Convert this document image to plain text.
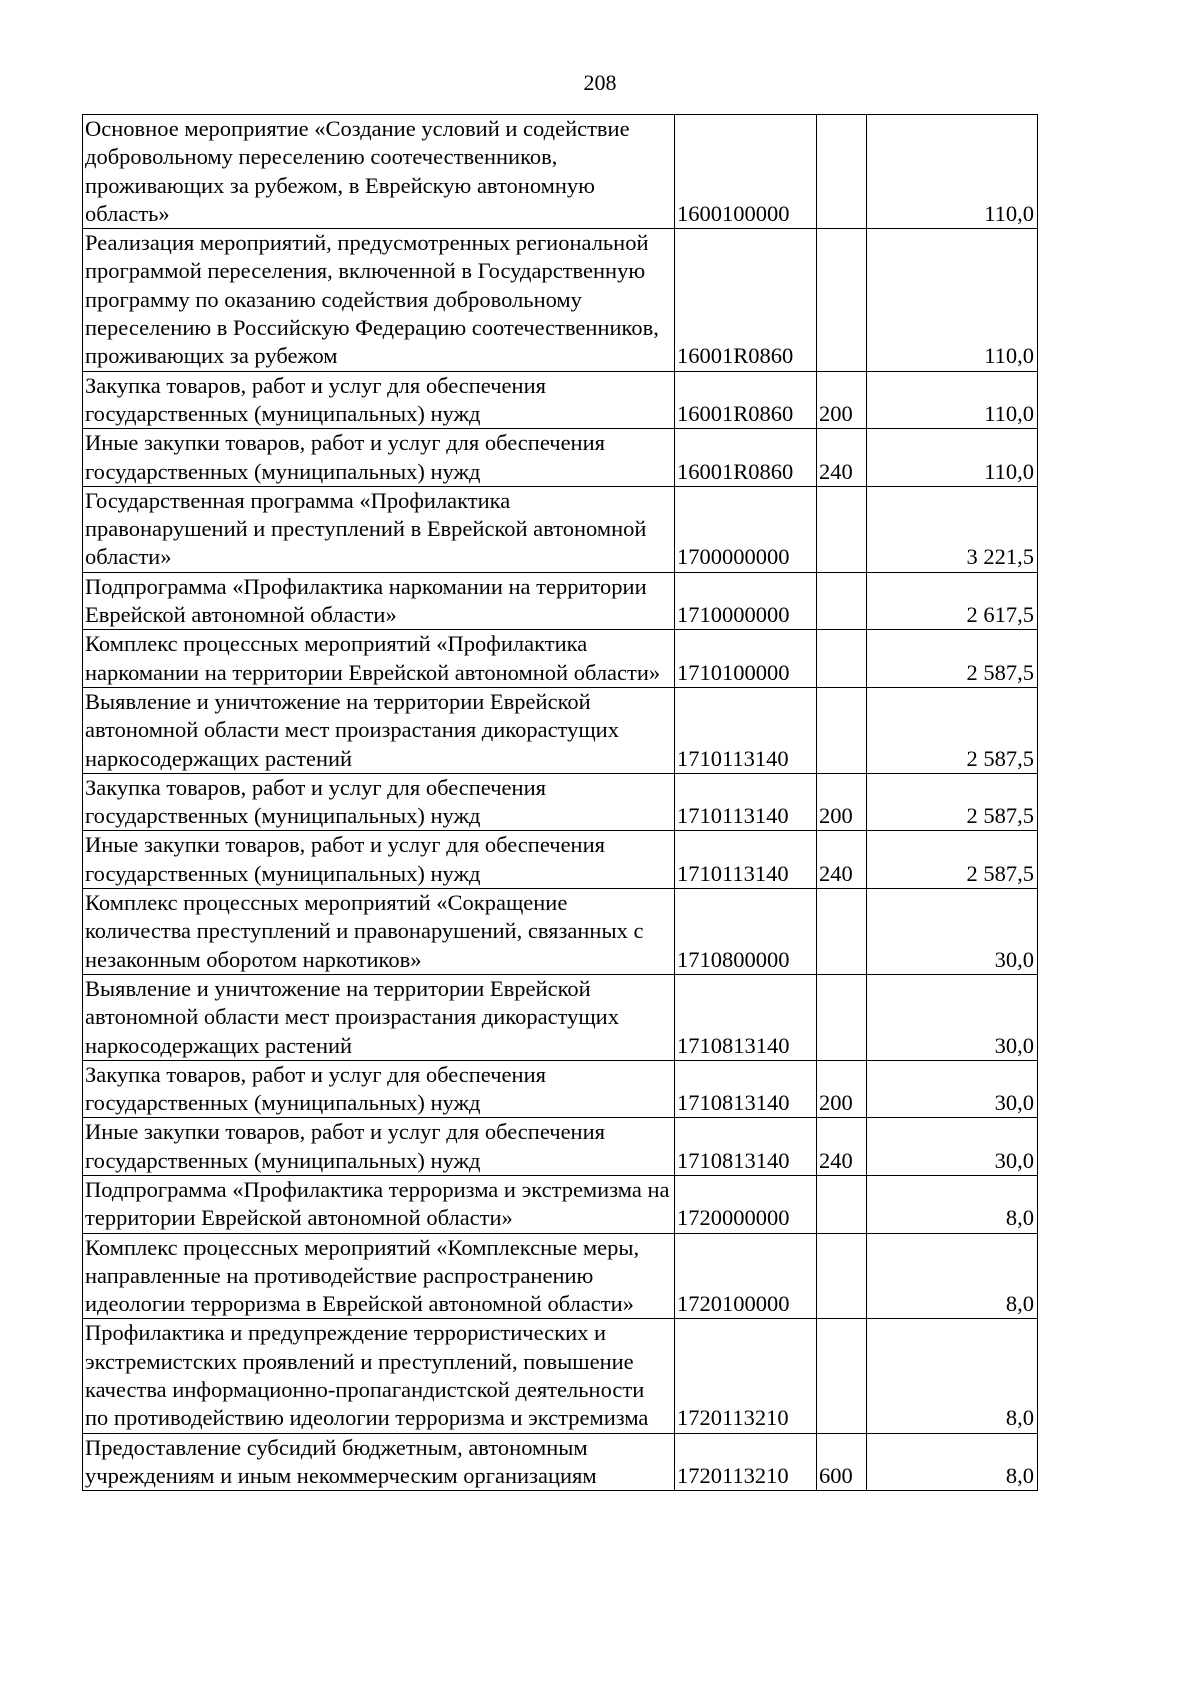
208
Основное мероприятие «Создание условий и содействие добровольному переселению соотечественников, проживающих за рубежом, в Еврейскую автономную область»	1600100000		110,0
Реализация мероприятий, предусмотренных региональной программой переселения, включенной в Государственную программу по оказанию содействия добровольному переселению в Российскую Федерацию соотечественников, проживающих за рубежом	16001R0860		110,0
Закупка товаров, работ и услуг для обеспечения государственных (муниципальных) нужд	16001R0860	200	110,0
Иные закупки товаров, работ и услуг для обеспечения государственных (муниципальных) нужд	16001R0860	240	110,0
Государственная программа «Профилактика правонарушений и преступлений в Еврейской автономной области»	1700000000		3 221,5
Подпрограмма «Профилактика наркомании на территории Еврейской автономной области»	1710000000		2 617,5
Комплекс процессных мероприятий «Профилактика наркомании на территории Еврейской автономной области»	1710100000		2 587,5
Выявление и уничтожение на территории Еврейской автономной области мест произрастания дикорастущих наркосодержащих растений	1710113140		2 587,5
Закупка товаров, работ и услуг для обеспечения государственных (муниципальных) нужд	1710113140	200	2 587,5
Иные закупки товаров, работ и услуг для обеспечения государственных (муниципальных) нужд	1710113140	240	2 587,5
Комплекс процессных мероприятий «Сокращение количества преступлений и правонарушений, связанных с незаконным оборотом наркотиков»	1710800000		30,0
Выявление и уничтожение на территории Еврейской автономной области мест произрастания дикорастущих наркосодержащих растений	1710813140		30,0
Закупка товаров, работ и услуг для обеспечения государственных (муниципальных) нужд	1710813140	200	30,0
Иные закупки товаров, работ и услуг для обеспечения государственных (муниципальных) нужд	1710813140	240	30,0
Подпрограмма «Профилактика терроризма и экстремизма на территории Еврейской автономной области»	1720000000		8,0
Комплекс процессных мероприятий «Комплексные меры, направленные на противодействие распространению идеологии терроризма в Еврейской автономной области»	1720100000		8,0
Профилактика и предупреждение террористических и экстремистских проявлений и преступлений, повышение качества информационно-пропагандистской деятельности по противодействию идеологии терроризма и экстремизма	1720113210		8,0
Предоставление субсидий бюджетным, автономным учреждениям и иным некоммерческим организациям	1720113210	600	8,0
